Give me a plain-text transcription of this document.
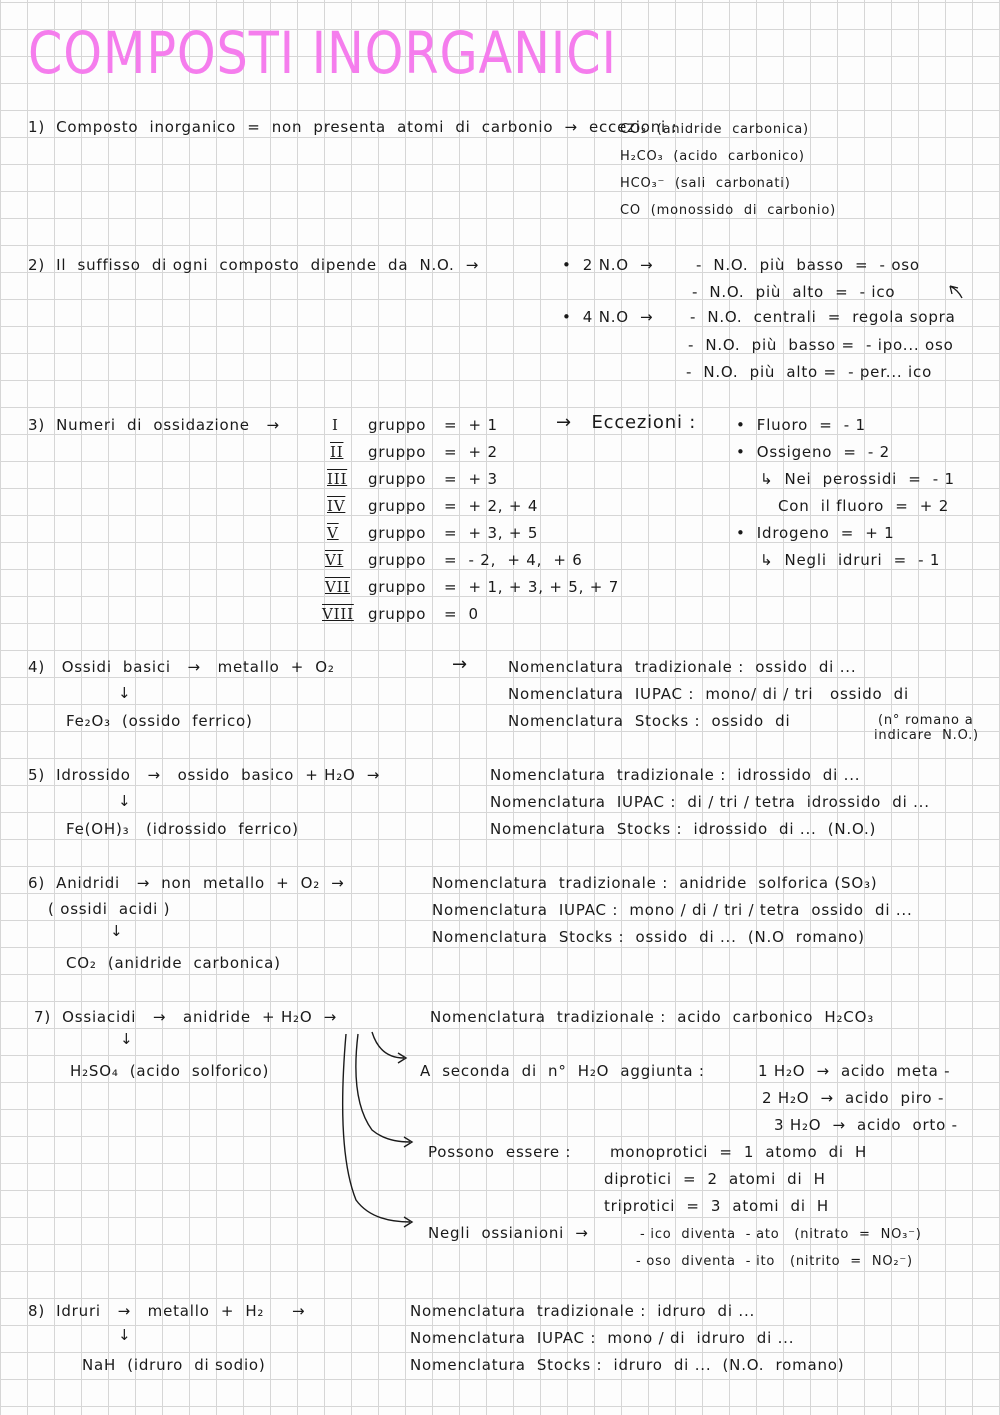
COMPOSTI INORGANICI
1)  Composto  inorganico  =  non  presenta  atomi  di  carbonio  →  eccezioni :
CO₂  (anidride  carbonica)
H₂CO₃  (acido  carbonico)
HCO₃⁻  (sali  carbonati)
CO  (monossido  di  carbonio)
2)  Il  suffisso  di ogni  composto  dipende  da  N.O.  →	•  2 N.O  →	-  N.O.  più  basso  =  - oso
-  N.O.  più  alto  =  - ico
•  4 N.O  → -  N.O.  centrali  =  regola sopra
-  N.O.  più  basso =  - ipo... oso
-  N.O.  più  alto =  - per... ico
3)  Numeri  di  ossidazione   →	I gruppo =  + 1
II gruppo =  + 2
III gruppo =  + 3
IV gruppo =  + 2, + 4
V gruppo =  + 3, + 5
VI gruppo =  - 2,  + 4,  + 6
VII gruppo =  + 1, + 3, + 5, + 7
VIII gruppo =  0
→   Eccezioni :	•  Fluoro  =  - 1
•  Ossigeno  =  - 2
↳  Nei  perossidi  =  - 1
Con  il fluoro  =  + 2
•  Idrogeno  =  + 1
↳  Negli  idruri  =  - 1
4)   Ossidi  basici   →   metallo  +  O₂	→
↓
Fe₂O₃  (ossido  ferrico)
Nomenclatura  tradizionale :  ossido  di ...
Nomenclatura  IUPAC :  mono/ di / tri   ossido  di
Nomenclatura  Stocks :  ossido  di	(n° romano a
indicare  N.O.)
5)  Idrossido   →   ossido  basico  + H₂O  →
↓
Fe(OH)₃   (idrossido  ferrico)
Nomenclatura  tradizionale :  idrossido  di ...
Nomenclatura  IUPAC :  di / tri / tetra  idrossido  di ...
Nomenclatura  Stocks :  idrossido  di ...  (N.O.)
6)  Anidridi   →  non  metallo  +  O₂  →
( ossidi  acidi )
↓
CO₂  (anidride  carbonica)
Nomenclatura  tradizionale :  anidride  solforica (SO₃)
Nomenclatura  IUPAC :  mono / di / tri / tetra  ossido  di ...
Nomenclatura  Stocks :  ossido  di ...  (N.O  romano)
7)  Ossiacidi   →   anidride  + H₂O  →
↓
H₂SO₄  (acido  solforico)
Nomenclatura  tradizionale :  acido  carbonico  H₂CO₃
A  seconda  di  n°  H₂O  aggiunta :	1 H₂O  →  acido  meta -
2 H₂O  →  acido  piro -
3 H₂O  →  acido  orto -
Possono  essere :	monoprotici  =  1  atomo  di  H
diprotici  =  2  atomi  di  H
triprotici  =  3  atomi  di  H
Negli  ossianioni  →	- ico  diventa  - ato   (nitrato  =  NO₃⁻)
- oso  diventa  - ito   (nitrito  =  NO₂⁻)
8)  Idruri   →   metallo  +  H₂     →
↓
NaH  (idruro  di sodio)
Nomenclatura  tradizionale :  idruro  di ...
Nomenclatura  IUPAC :  mono / di  idruro  di ...
Nomenclatura  Stocks :  idruro  di ...  (N.O.  romano)
